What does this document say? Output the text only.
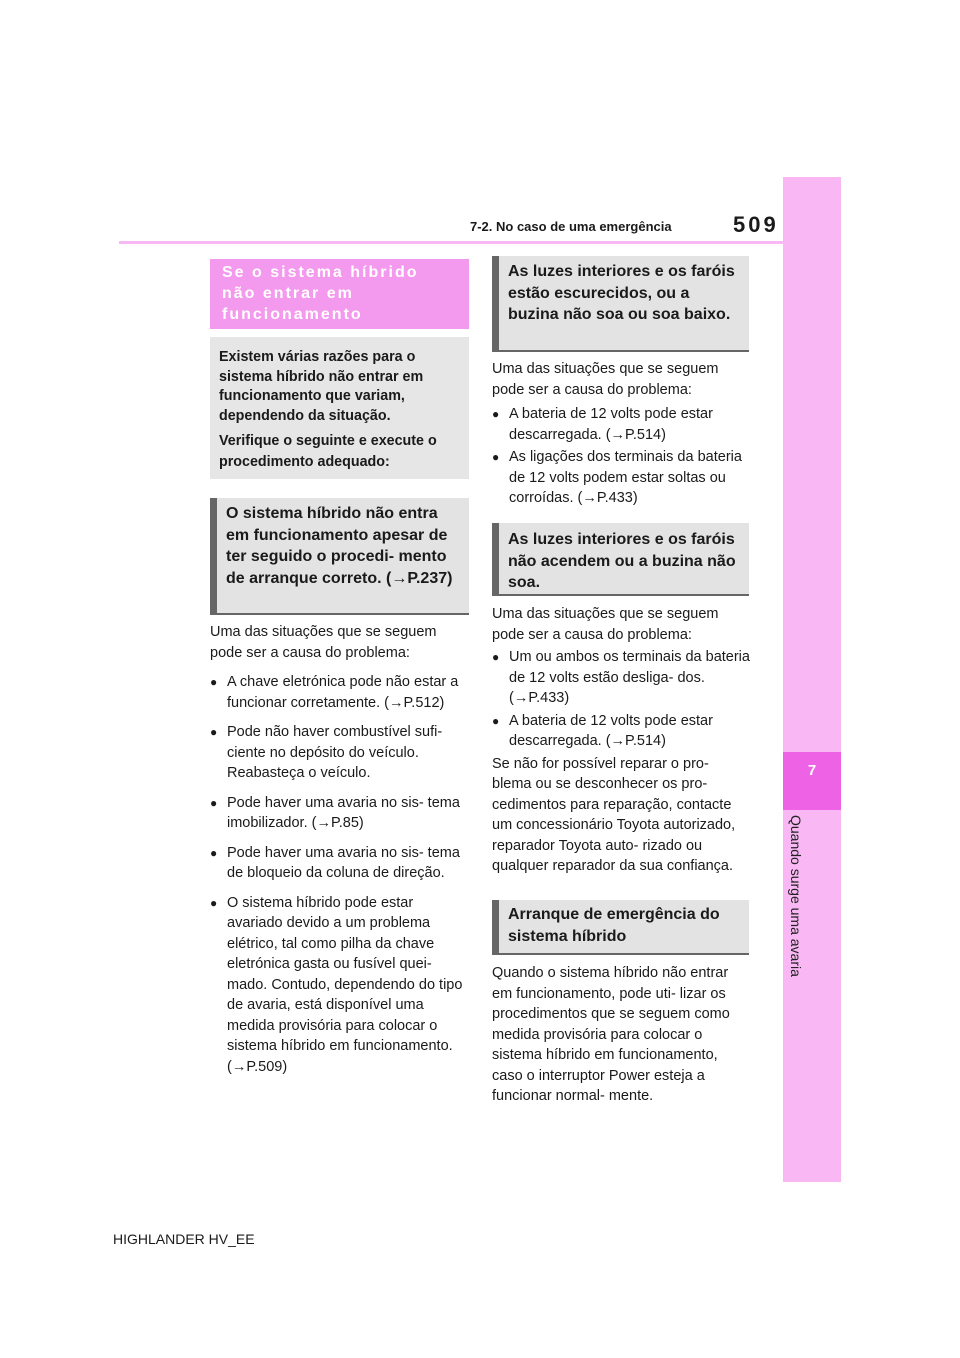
7
Quando surge uma avaria
7-2. No caso de uma emergência	509
Se o sistema híbrido não entrar em funcionamento
Existem várias razões para o sistema híbrido não entrar em funcionamento que variam, dependendo da situação.
Verifique o seguinte e execute o procedimento adequado:
O sistema híbrido não entra em funcionamento apesar de ter seguido o procedi- mento de arranque correto. (→P.237)
Uma das situações que se seguem pode ser a causa do problema:
● A chave eletrónica pode não estar a funcionar corretamente. (→P.512)
● Pode não haver combustível sufi- ciente no depósito do veículo. Reabasteça o veículo.
● Pode haver uma avaria no sis- tema imobilizador. (→P.85)
● Pode haver uma avaria no sis- tema de bloqueio da coluna de direção.
● O sistema híbrido pode estar avariado devido a um problema elétrico, tal como pilha da chave eletrónica gasta ou fusível quei- mado. Contudo, dependendo do tipo de avaria, está disponível uma medida provisória para colocar o sistema híbrido em funcionamento. (→P.509)
As luzes interiores e os faróis estão escurecidos, ou a buzina não soa ou soa baixo.
Uma das situações que se seguem pode ser a causa do problema:
● A bateria de 12 volts pode estar descarregada. (→P.514)
● As ligações dos terminais da bateria de 12 volts podem estar soltas ou corroídas. (→P.433)
As luzes interiores e os faróis não acendem ou a buzina não soa.
Uma das situações que se seguem pode ser a causa do problema:
● Um ou ambos os terminais da bateria de 12 volts estão desliga- dos. (→P.433)
● A bateria de 12 volts pode estar descarregada. (→P.514)
Se não for possível reparar o pro- blema ou se desconhecer os pro- cedimentos para reparação, contacte um concessionário Toyota autorizado, reparador Toyota auto- rizado ou qualquer reparador da sua confiança.
Arranque de emergência do sistema híbrido
Quando o sistema híbrido não entrar em funcionamento, pode uti- lizar os procedimentos que se seguem como medida provisória para colocar o sistema híbrido em funcionamento, caso o interruptor Power esteja a funcionar normal- mente.
HIGHLANDER HV_EE
